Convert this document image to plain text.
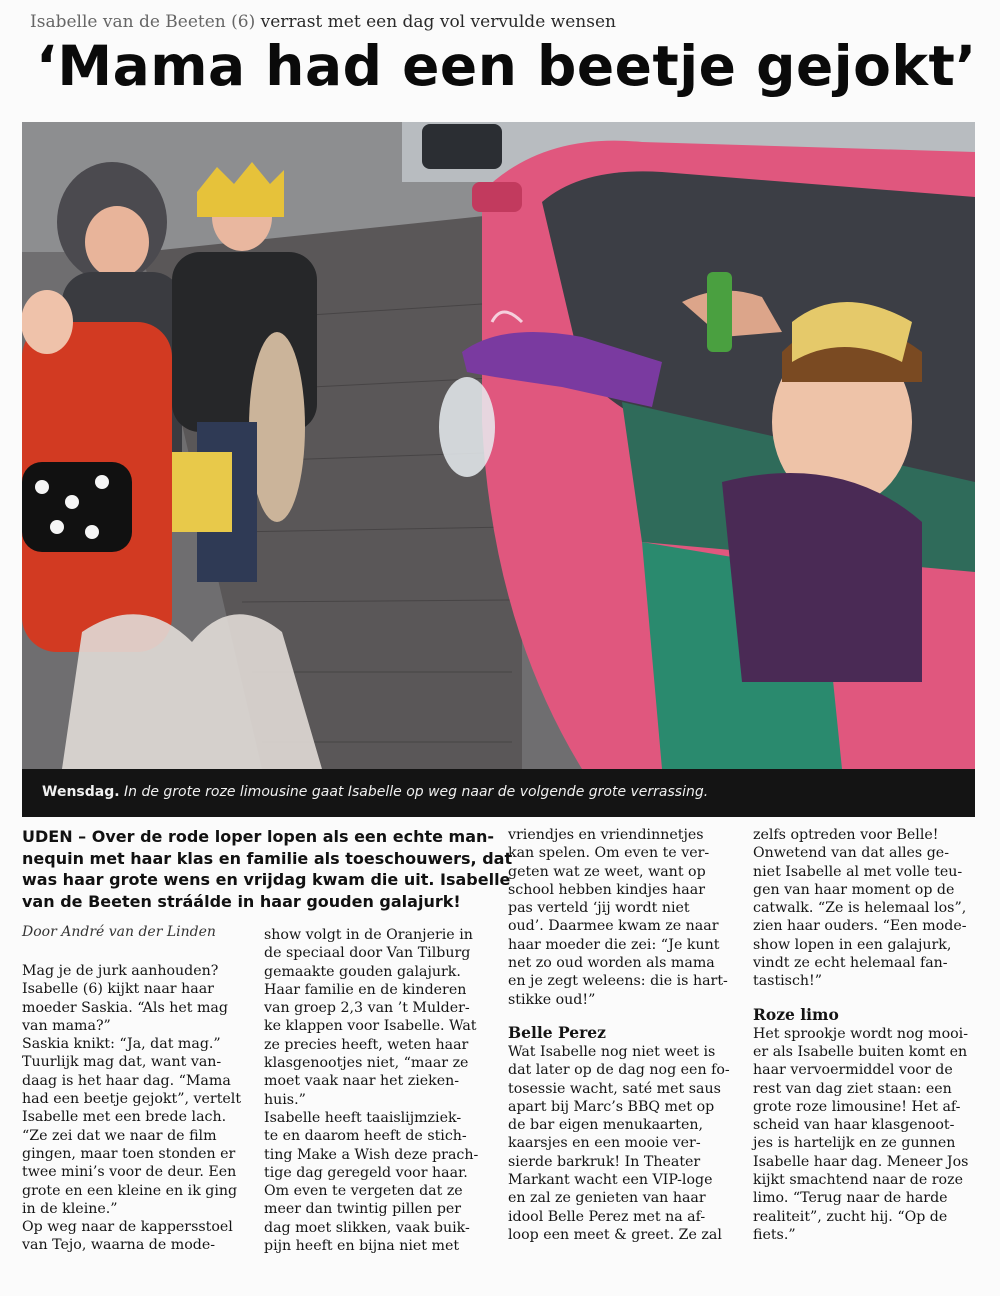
Isabelle van de Beeten (6) verrast met een dag vol vervulde wensen
‘Mama had een beetje gejokt’
Wensdag. In de grote roze limousine gaat Isabelle op weg naar de volgende grote verrassing.
UDEN – Over de rode loper lopen als een echte man-
nequin met haar klas en familie als toeschouwers, dat
was haar grote wens en vrijdag kwam die uit. Isabelle
van de Beeten stráálde in haar gouden galajurk!
Door André van der Linden
Mag je de jurk aanhouden?
Isabelle (6) kijkt naar haar
moeder Saskia. “Als het mag
van mama?”
Saskia knikt: “Ja, dat mag.”
Tuurlijk mag dat, want van-
daag is het haar dag. “Mama
had een beetje gejokt”, vertelt
Isabelle met een brede lach.
“Ze zei dat we naar de film
gingen, maar toen stonden er
twee mini’s voor de deur. Een
grote en een kleine en ik ging
in de kleine.”
Op weg naar de kappersstoel
van Tejo, waarna de mode-
show volgt in de Oranjerie in
de speciaal door Van Tilburg
gemaakte gouden galajurk.
Haar familie en de kinderen
van groep 2,3 van ’t Mulder-
ke klappen voor Isabelle. Wat
ze precies heeft, weten haar
klasgenootjes niet, “maar ze
moet vaak naar het zieken-
huis.”
Isabelle heeft taaislijmziek-
te en daarom heeft de stich-
ting Make a Wish deze prach-
tige dag geregeld voor haar.
Om even te vergeten dat ze
meer dan twintig pillen per
dag moet slikken, vaak buik-
pijn heeft en bijna niet met
vriendjes en vriendinnetjes
kan spelen. Om even te ver-
geten wat ze weet, want op
school hebben kindjes haar
pas verteld ‘jij wordt niet
oud’. Daarmee kwam ze naar
haar moeder die zei: “Je kunt
net zo oud worden als mama
en je zegt weleens: die is hart-
stikke oud!”
Belle Perez
Wat Isabelle nog niet weet is
dat later op de dag nog een fo-
tosessie wacht, saté met saus
apart bij Marc’s BBQ met op
de bar eigen menukaarten,
kaarsjes en een mooie ver-
sierde barkruk! In Theater
Markant wacht een VIP-loge
en zal ze genieten van haar
idool Belle Perez met na af-
loop een meet & greet. Ze zal
zelfs optreden voor Belle!
Onwetend van dat alles ge-
niet Isabelle al met volle teu-
gen van haar moment op de
catwalk. “Ze is helemaal los”,
zien haar ouders. “Een mode-
show lopen in een galajurk,
vindt ze echt helemaal fan-
tastisch!”
Roze limo
Het sprookje wordt nog mooi-
er als Isabelle buiten komt en
haar vervoermiddel voor de
rest van dag ziet staan: een
grote roze limousine! Het af-
scheid van haar klasgenoot-
jes is hartelijk en ze gunnen
Isabelle haar dag. Meneer Jos
kijkt smachtend naar de roze
limo. “Terug naar de harde
realiteit”, zucht hij. “Op de
fiets.”
